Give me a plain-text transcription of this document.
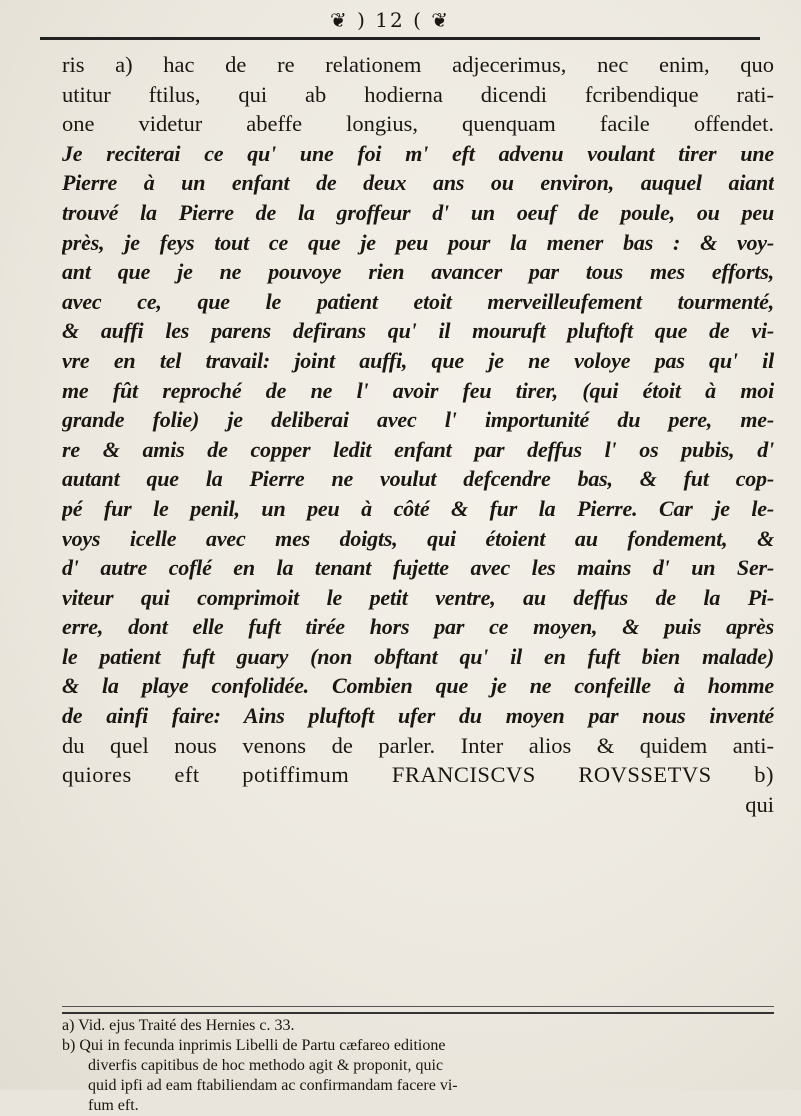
❦ ) 12 ( ❦
ris a) hac de re relationem adjecerimus, nec enim, quo
utitur ftilus, qui ab hodierna dicendi fcribendique rati-
one videtur abeffe longius, quenquam facile offendet.
Je reciterai ce qu' une foi m' eft advenu voulant tirer une
Pierre à un enfant de deux ans ou environ, auquel aiant
trouvé la Pierre de la groffeur d' un oeuf de poule, ou peu
près, je feys tout ce que je peu pour la mener bas : & voy-
ant que je ne pouvoye rien avancer par tous mes efforts,
avec ce, que le patient etoit merveilleufement tourmenté,
& auffi les parens defirans qu' il mouruft pluftoft que de vi-
vre en tel travail: joint auffi, que je ne voloye pas qu' il
me fût reproché de ne l' avoir feu tirer, (qui étoit à moi
grande folie) je deliberai avec l' importunité du pere, me-
re & amis de copper ledit enfant par deffus l' os pubis, d'
autant que la Pierre ne voulut defcendre bas, & fut cop-
pé fur le penil, un peu à côté & fur la Pierre. Car je le-
voys icelle avec mes doigts, qui étoient au fondement, &
d' autre coflé en la tenant fujette avec les mains d' un Ser-
viteur qui comprimoit le petit ventre, au deffus de la Pi-
erre, dont elle fuft tirée hors par ce moyen, & puis après
le patient fuft guary (non obftant qu' il en fuft bien malade)
& la playe confolidée. Combien que je ne confeille à homme
de ainfi faire: Ains pluftoft ufer du moyen par nous inventé
du quel nous venons de parler. Inter alios & quidem anti-
quiores eft potiffimum FRANCISCVS ROVSSETVS b)
qui
a) Vid. ejus Traité des Hernies c. 33.
b) Qui in fecunda inprimis Libelli de Partu cæfareo editione
diverfis capitibus de hoc methodo agit & proponit, quic
quid ipfi ad eam ftabiliendam ac confirmandam facere vi-
fum eft.
